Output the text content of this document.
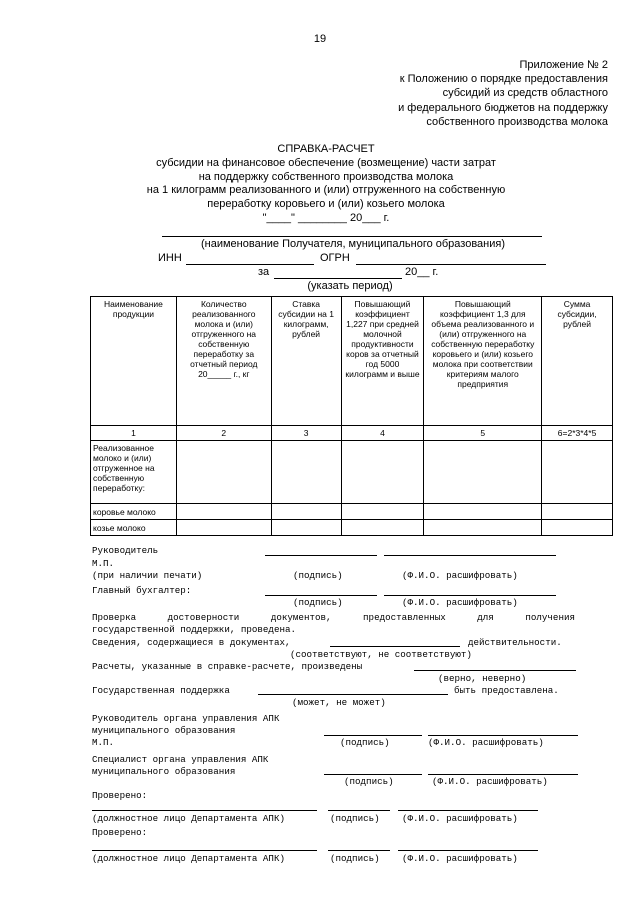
19
Приложение № 2
к Положению о порядке предоставления
субсидий из средств областного
и федерального бюджетов на поддержку
собственного производства молока
СПРАВКА-РАСЧЕТ
субсидии на финансовое обеспечение (возмещение) части затрат
на поддержку собственного производства молока
на 1 килограмм реализованного и (или) отгруженного на собственную
переработку коровьего и (или) козьего молока
"____" ________ 20___ г.
(наименование Получателя, муниципального образования)
ИНН	ОГРН
за	20__ г.
(указать период)
Наименование продукции	Количество реализованного молока и (или) отгруженного на собственную переработку за отчетный период 20_____ г., кг	Ставка субсидии на 1 килограмм, рублей	Повышающий коэффициент 1,227 при средней молочной продуктивности коров за отчетный год 5000 килограмм и выше	Повышающий коэффициент 1,3 для объема реализованного и (или) отгруженного на собственную переработку коровьего и (или) козьего молока при соответствии критериям малого предприятия	Сумма субсидии, рублей
1	2	3	4	5	6=2*3*4*5
Реализованное молоко и (или) отгруженное на собственную переработку:					
коровье молоко					
козье молоко					
Руководитель
М.П.
(при наличии печати)	(подпись)	(Ф.И.О. расшифровать)
Главный бухгалтер:
(подпись)	(Ф.И.О. расшифровать)
Проверка	достоверности	документов,	предоставленных	для	получения
государственной поддержки, проведена.
Сведения, содержащиеся в документах,	действительности.
(соответствуют, не соответствуют)
Расчеты, указанные в справке-расчете, произведены
(верно, неверно)
Государственная поддержка	быть предоставлена.
(может, не может)
Руководитель органа управления АПК
муниципального образования
М.П.	(подпись)	(Ф.И.О. расшифровать)
Специалист органа управления АПК
муниципального образования
(подпись)	(Ф.И.О. расшифровать)
Проверено:
(должностное лицо Департамента АПК)	(подпись) (Ф.И.О. расшифровать)
Проверено:
(должностное лицо Департамента АПК)	(подпись) (Ф.И.О. расшифровать)
